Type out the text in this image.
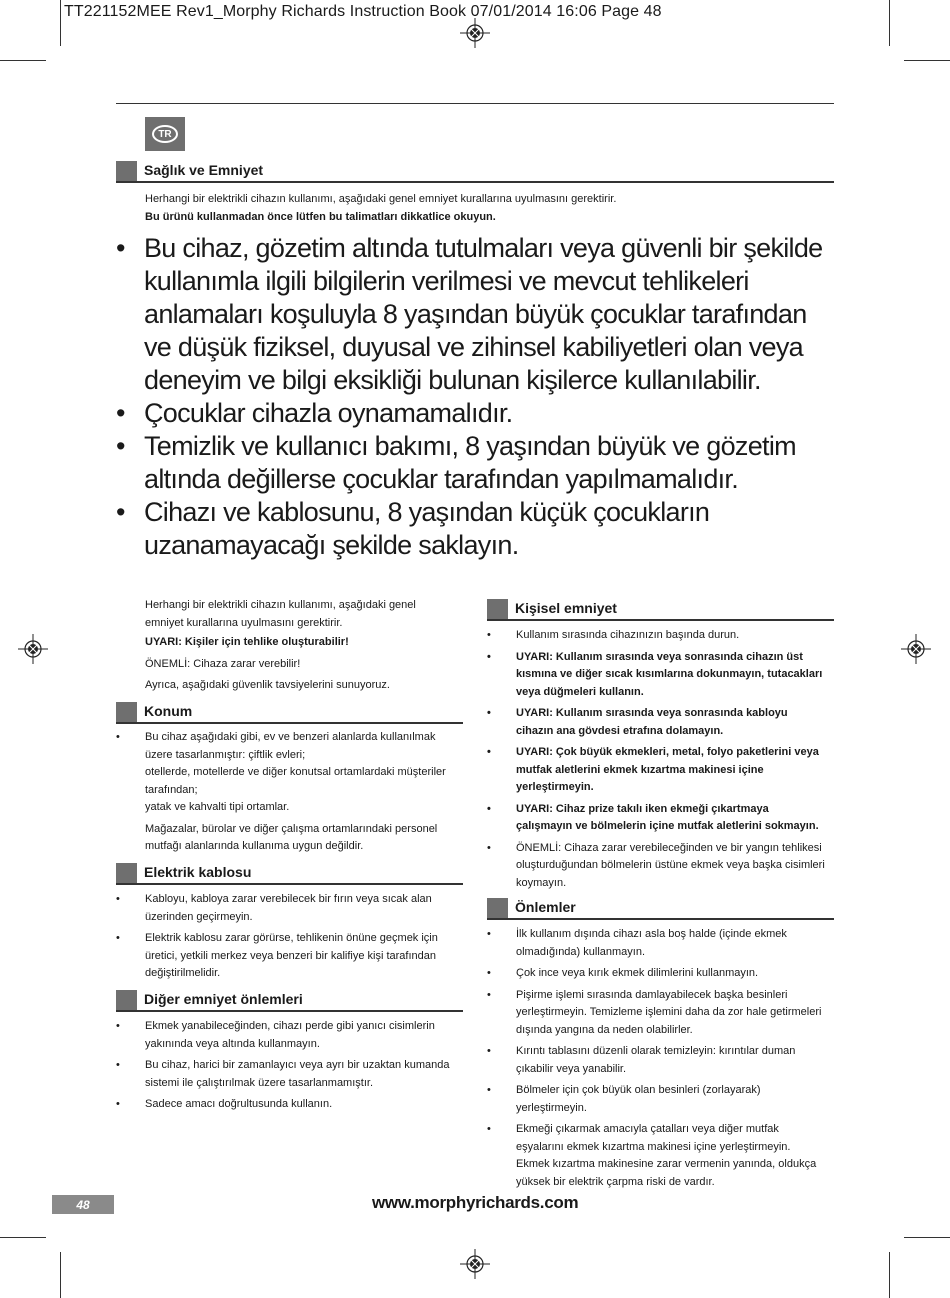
TT221152MEE Rev1_Morphy Richards Instruction Book 07/01/2014 16:06 Page 48
TR
Sağlık ve Emniyet

Herhangi bir elektrikli cihazın kullanımı, aşağıdaki genel emniyet kurallarına uyulmasını gerektirir.

Bu ürünü kullanmadan önce lütfen bu talimatları dikkatlice okuyun.

• Bu cihaz, gözetim altında tutulmaları veya güvenli bir şekilde kullanımla ilgili bilgilerin verilmesi ve mevcut tehlikeleri anlamaları koşuluyla 8 yaşından büyük çocuklar tarafından ve düşük fiziksel, duyusal ve zihinsel kabiliyetleri olan veya deneyim ve bilgi eksikliği bulunan kişilerce kullanılabilir.
• Çocuklar cihazla oynamamalıdır.
• Temizlik ve kullanıcı bakımı, 8 yaşından büyük ve gözetim altında değillerse çocuklar tarafından yapılmamalıdır.
• Cihazı ve kablosunu, 8 yaşından küçük çocukların uzanamayacağı şekilde saklayın.

Herhangi bir elektrikli cihazın kullanımı, aşağıdaki genel emniyet kurallarına uyulmasını gerektirir.

UYARI: Kişiler için tehlike oluşturabilir!

ÖNEMLİ: Cihaza zarar verebilir!

Ayrıca, aşağıdaki güvenlik tavsiyelerini sunuyoruz.

Konum
• Bu cihaz aşağıdaki gibi, ev ve benzeri alanlarda kullanılmak üzere tasarlanmıştır: çiftlik evleri;
otellerde, motellerde ve diğer konutsal ortamlardaki müşteriler tarafından;
yatak ve kahvalti tipi ortamlar.
Mağazalar, bürolar ve diğer çalışma ortamlarındaki personel mutfağı alanlarında kullanıma uygun değildir.
Elektrik kablosu
• Kabloyu, kabloya zarar verebilecek bir fırın veya sıcak alan üzerinden geçirmeyin.
• Elektrik kablosu zarar görürse, tehlikenin önüne geçmek için üretici, yetkili merkez veya benzeri bir kalifiye kişi tarafından değiştirilmelidir.
Diğer emniyet önlemleri
• Ekmek yanabileceğinden, cihazı perde gibi yanıcı cisimlerin yakınında veya altında kullanmayın.
• Bu cihaz, harici bir zamanlayıcı veya ayrı bir uzaktan kumanda sistemi ile çalıştırılmak üzere tasarlanmamıştır.
• Sadece amacı doğrultusunda kullanın.
Kişisel emniyet
• Kullanım sırasında cihazınızın başında durun.
• UYARI: Kullanım sırasında veya sonrasında cihazın üst kısmına ve diğer sıcak kısımlarına dokunmayın, tutacakları veya düğmeleri kullanın.
• UYARI: Kullanım sırasında veya sonrasında kabloyu cihazın ana gövdesi etrafına dolamayın.
• UYARI: Çok büyük ekmekleri, metal, folyo paketlerini veya mutfak aletlerini ekmek kızartma makinesi içine yerleştirmeyin.
• UYARI: Cihaz prize takılı iken ekmeği çıkartmaya çalışmayın ve bölmelerin içine mutfak aletlerini sokmayın.
• ÖNEMLİ: Cihaza zarar verebileceğinden ve bir yangın tehlikesi oluşturduğundan bölmelerin üstüne ekmek veya başka cisimleri koymayın.
Önlemler
• İlk kullanım dışında cihazı asla boş halde (içinde ekmek olmadığında) kullanmayın.
• Çok ince veya kırık ekmek dilimlerini kullanmayın.
• Pişirme işlemi sırasında damlayabilecek başka besinleri yerleştirmeyin. Temizleme işlemini daha da zor hale getirmeleri dışında yangına da neden olabilirler.
• Kırıntı tablasını düzenli olarak temizleyin: kırıntılar duman çıkabilir veya yanabilir.
• Bölmeler için çok büyük olan besinleri (zorlayarak) yerleştirmeyin.
• Ekmeği çıkarmak amacıyla çatalları veya diğer mutfak eşyalarını ekmek kızartma makinesi içine yerleştirmeyin. Ekmek kızartma makinesine zarar vermenin yanında, oldukça yüksek bir elektrik çarpma riski de vardır.
48	www.morphyrichards.com
